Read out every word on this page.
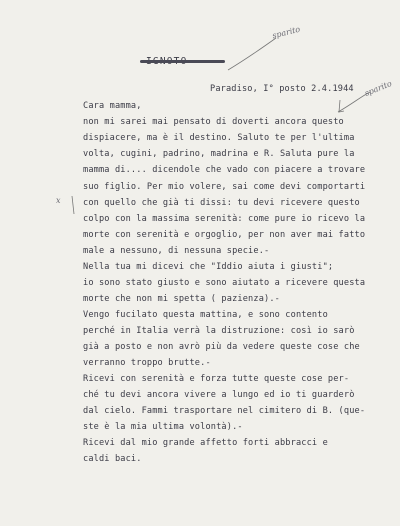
sparito
sparito
x
Paradiso, I° posto 2.4.1944
Cara mamma,
non mi sarei mai pensato di doverti ancora questo
dispiacere, ma è il destino. Saluto te per l'ultima
volta, cugini, padrino, madrina e R. Saluta pure la
mamma di.... dicendole che vado con piacere a trovare
suo figlio. Per mio volere, sai come devi comportarti
con quello che già ti dissi: tu devi ricevere questo
colpo con la massima serenità: come pure io ricevo la
morte con serenità e orgoglio, per non aver mai fatto
male a nessuno, di nessuna specie.-
Nella tua mi dicevi che "Iddio aiuta i giusti";
io sono stato giusto e sono aiutato a ricevere questa
morte che non mi spetta ( pazienza).-
Vengo fucilato questa mattina, e sono contento
perché in Italia verrà la distruzione: così io sarò
già a posto e non avrò più da vedere queste cose che
verranno troppo brutte.-
Ricevi con serenità e forza tutte queste cose per-
ché tu devi ancora vivere a lungo ed io ti guarderò
dal cielo. Fammi trasportare nel cimitero di B. (que-
ste è la mia ultima volontà).-
Ricevi dal mio grande affetto forti abbracci e
caldi baci.
